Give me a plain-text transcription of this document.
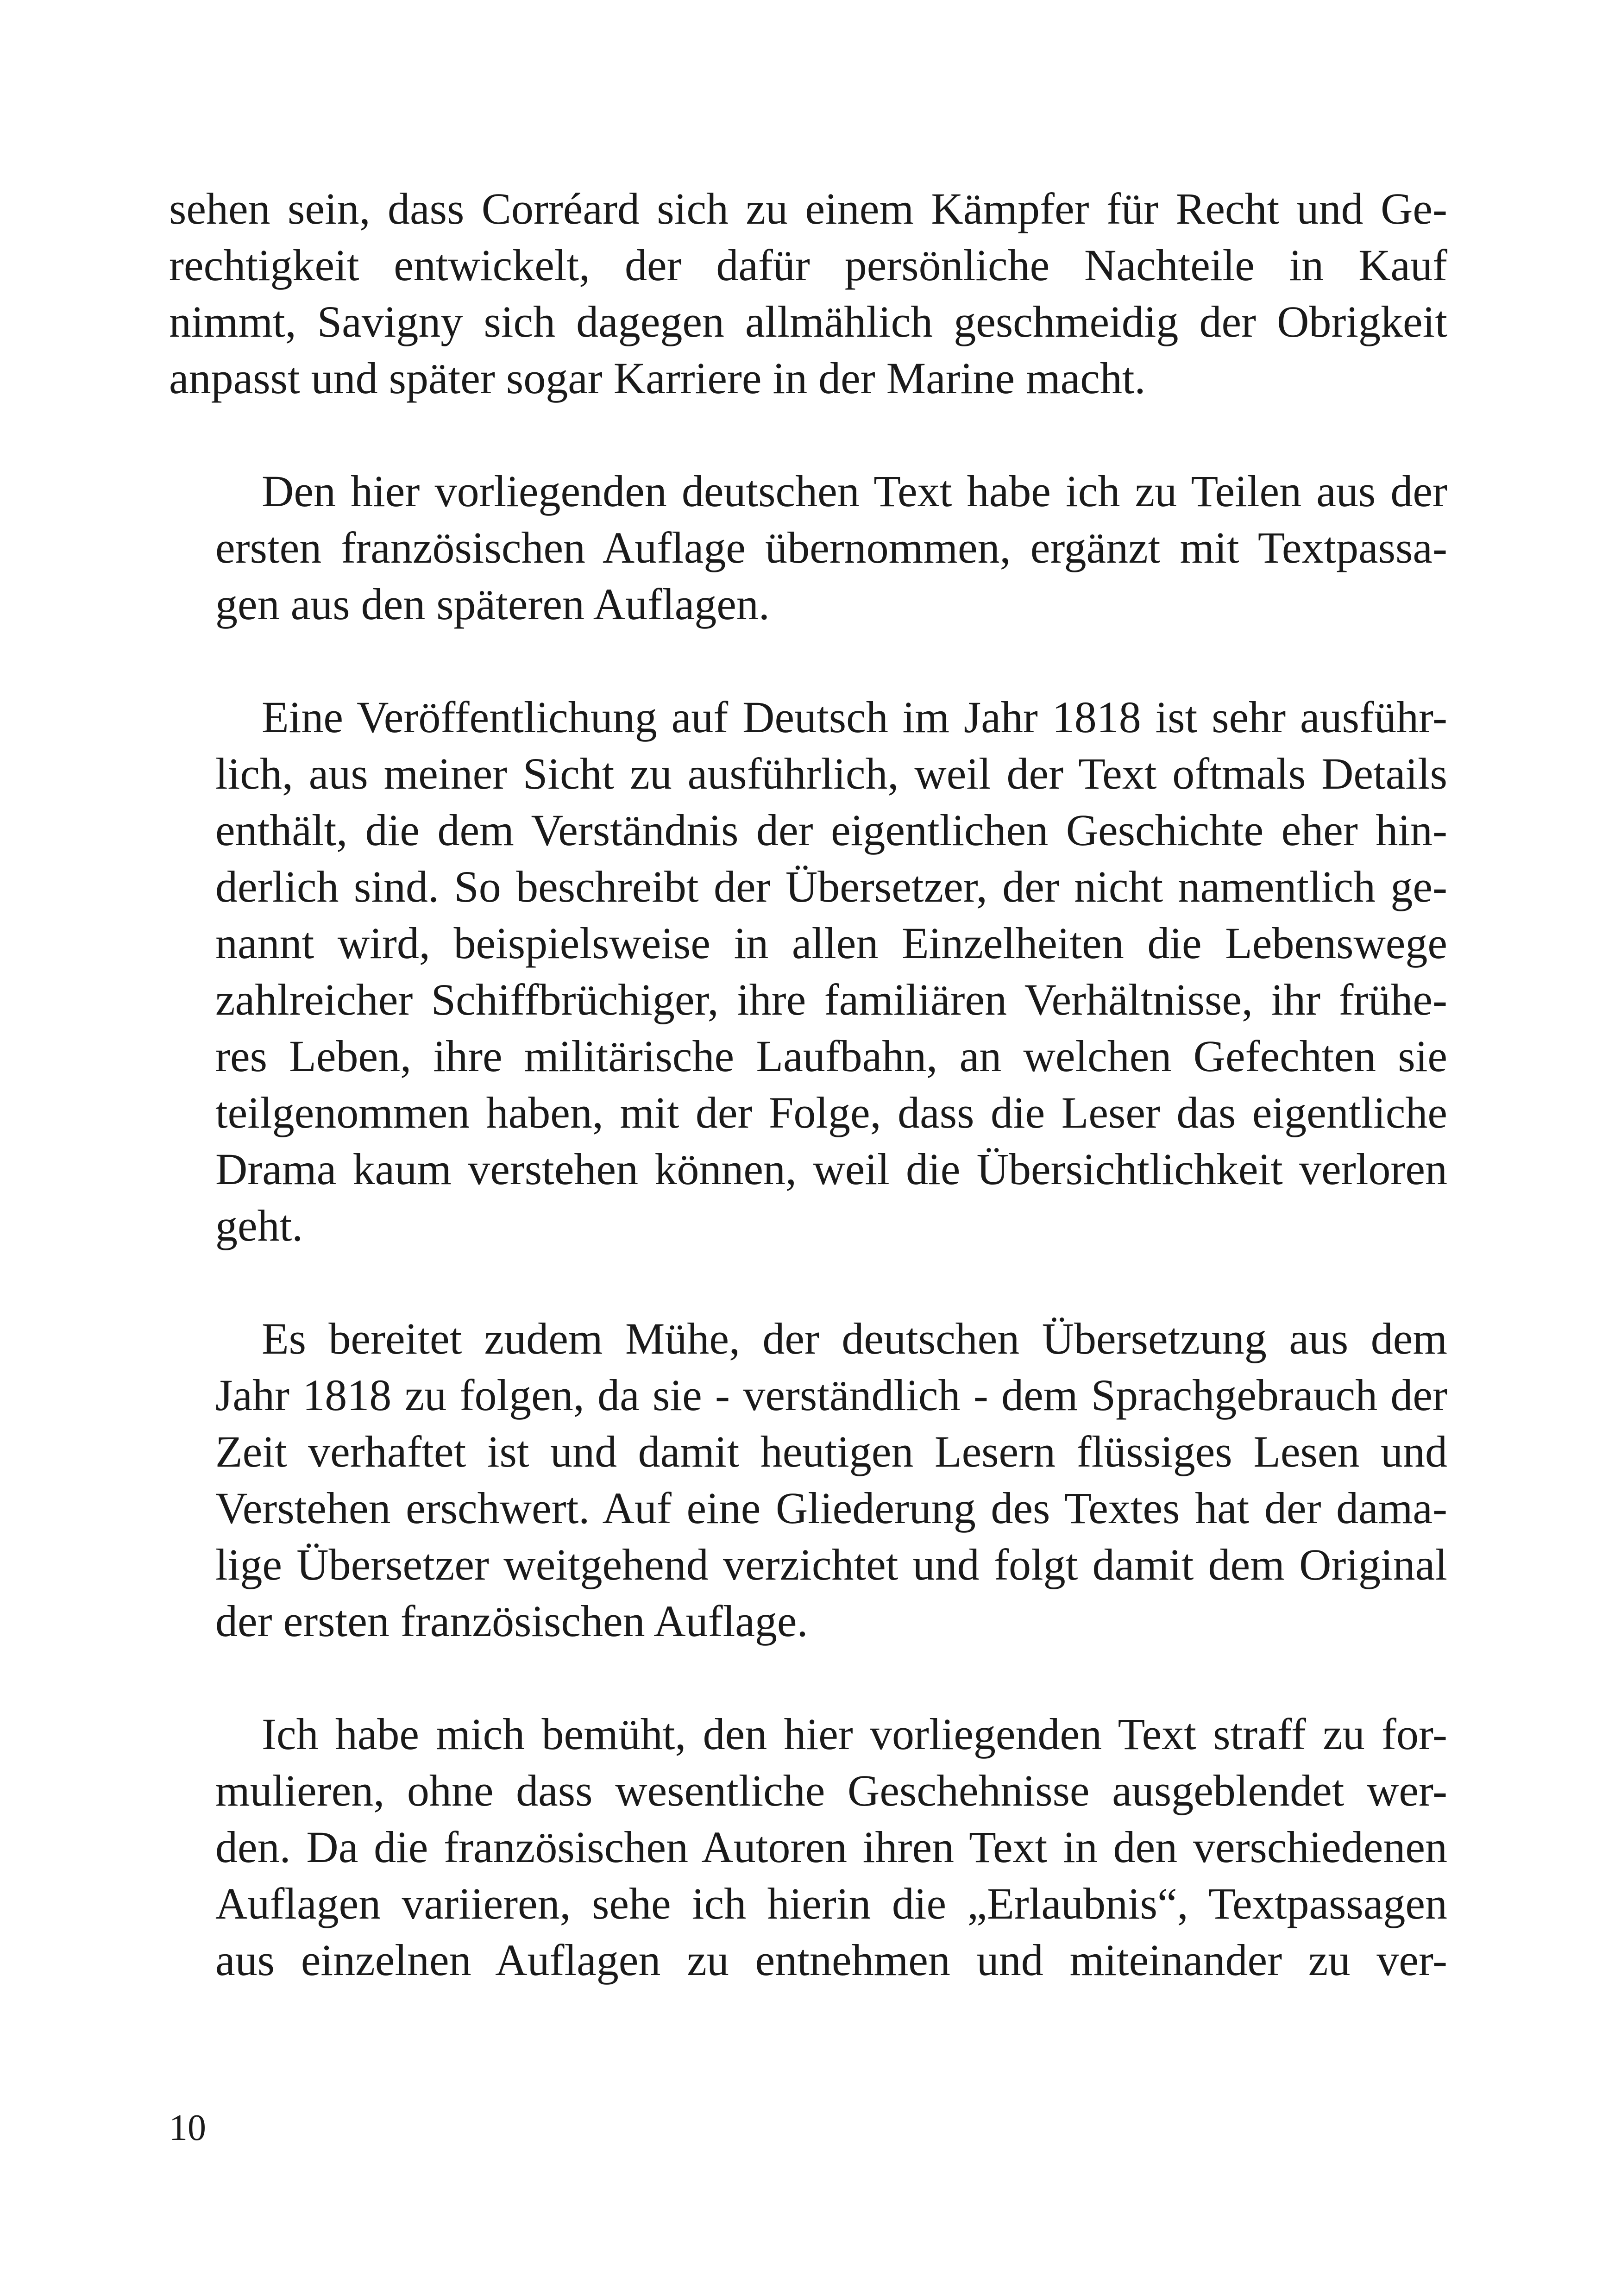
sehen sein, dass Corréard sich zu einem Kämpfer für Recht und Ge-
rechtigkeit entwickelt, der dafür persönliche Nachteile in Kauf
nimmt, Savigny sich dagegen allmählich geschmeidig der Obrigkeit
anpasst und später sogar Karriere in der Marine macht.

Den hier vorliegenden deutschen Text habe ich zu Teilen aus der
ersten französischen Auflage übernommen, ergänzt mit Textpassa-
gen aus den späteren Auflagen.

Eine Veröffentlichung auf Deutsch im Jahr 1818 ist sehr ausführ-
lich, aus meiner Sicht zu ausführlich, weil der Text oftmals Details
enthält, die dem Verständnis der eigentlichen Geschichte eher hin-
derlich sind. So beschreibt der Übersetzer, der nicht namentlich ge-
nannt wird, beispielsweise in allen Einzelheiten die Lebenswege
zahlreicher Schiffbrüchiger, ihre familiären Verhältnisse, ihr frühe-
res Leben, ihre militärische Laufbahn, an welchen Gefechten sie
teilgenommen haben, mit der Folge, dass die Leser das eigentliche
Drama kaum verstehen können, weil die Übersichtlichkeit verloren
geht.

Es bereitet zudem Mühe, der deutschen Übersetzung aus dem
Jahr 1818 zu folgen, da sie - verständlich - dem Sprachgebrauch der
Zeit verhaftet ist und damit heutigen Lesern flüssiges Lesen und
Verstehen erschwert. Auf eine Gliederung des Textes hat der dama-
lige Übersetzer weitgehend verzichtet und folgt damit dem Original
der ersten französischen Auflage.

Ich habe mich bemüht, den hier vorliegenden Text straff zu for-
mulieren, ohne dass wesentliche Geschehnisse ausgeblendet wer-
den. Da die französischen Autoren ihren Text in den verschiedenen
Auflagen variieren, sehe ich hierin die „Erlaubnis“, Textpassagen
aus einzelnen Auflagen zu entnehmen und miteinander zu ver-

10
